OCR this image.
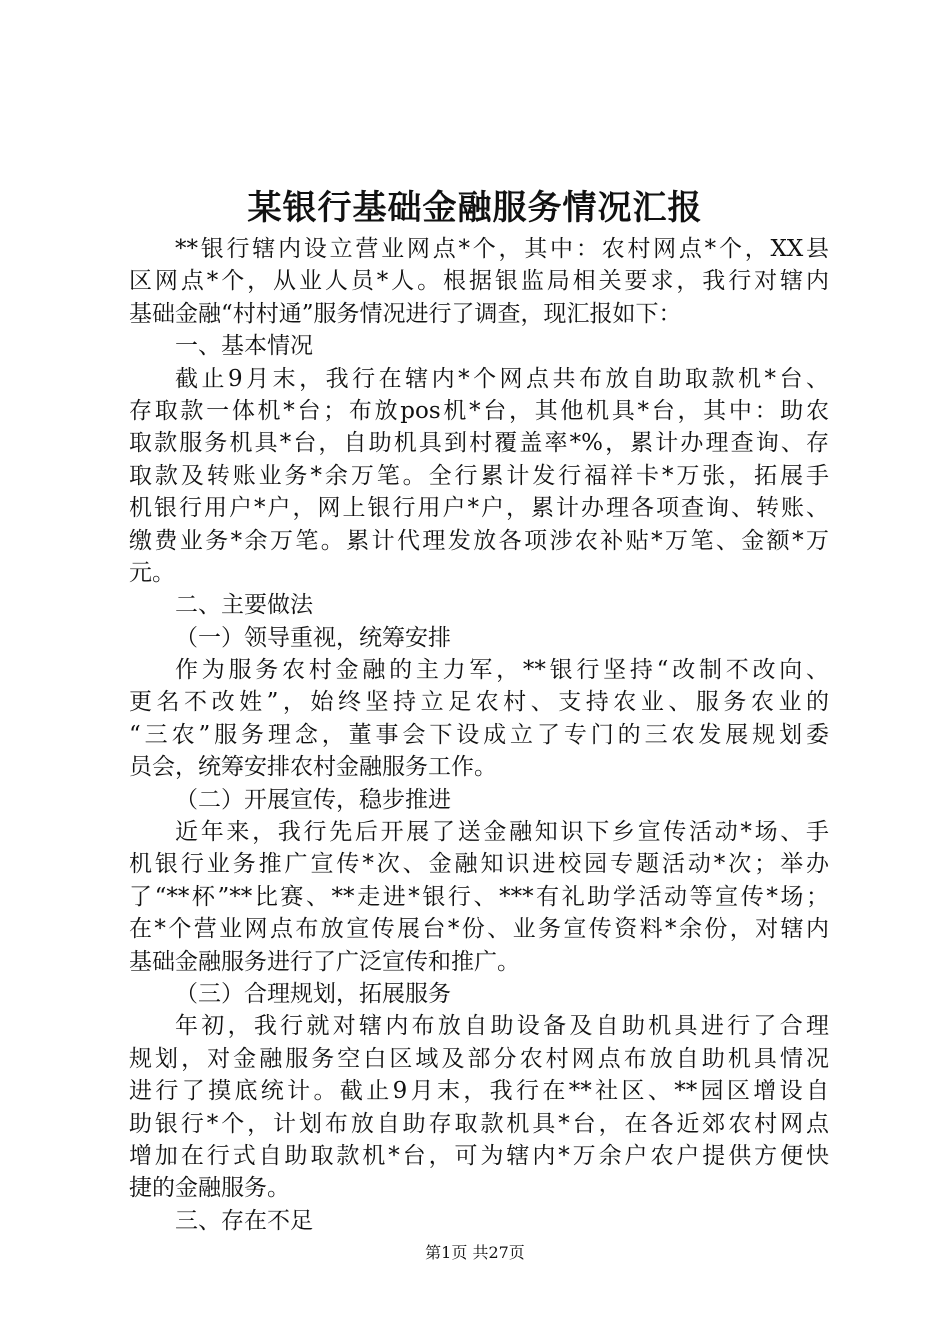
某银行基础金融服务情况汇报
**银行辖内设立营业网点*个，其中：农村网点*个，XX县
区网点*个，从业人员*人。根据银监局相关要求，我行对辖内
基础金融“村村通”服务情况进行了调查，现汇报如下：
一、基本情况
截止9月末，我行在辖内*个网点共布放自助取款机*台、
存取款一体机*台；布放pos机*台，其他机具*台，其中：助农
取款服务机具*台，自助机具到村覆盖率*%，累计办理查询、存
取款及转账业务*余万笔。全行累计发行福祥卡*万张，拓展手
机银行用户*户，网上银行用户*户，累计办理各项查询、转账、
缴费业务*余万笔。累计代理发放各项涉农补贴*万笔、金额*万
元。
二、主要做法
（一）领导重视，统筹安排
作为服务农村金融的主力军，**银行坚持“改制不改向、
更名不改姓”，始终坚持立足农村、支持农业、服务农业的
“三农”服务理念，董事会下设成立了专门的三农发展规划委
员会，统筹安排农村金融服务工作。
（二）开展宣传，稳步推进
近年来，我行先后开展了送金融知识下乡宣传活动*场、手
机银行业务推广宣传*次、金融知识进校园专题活动*次；举办
了“**杯”**比赛、**走进*银行、***有礼助学活动等宣传*场；
在*个营业网点布放宣传展台*份、业务宣传资料*余份，对辖内
基础金融服务进行了广泛宣传和推广。
（三）合理规划，拓展服务
年初，我行就对辖内布放自助设备及自助机具进行了合理
规划，对金融服务空白区域及部分农村网点布放自助机具情况
进行了摸底统计。截止9月末，我行在**社区、**园区增设自
助银行*个，计划布放自助存取款机具*台，在各近郊农村网点
增加在行式自助取款机*台，可为辖内*万余户农户提供方便快
捷的金融服务。
三、存在不足
第1页 共27页
